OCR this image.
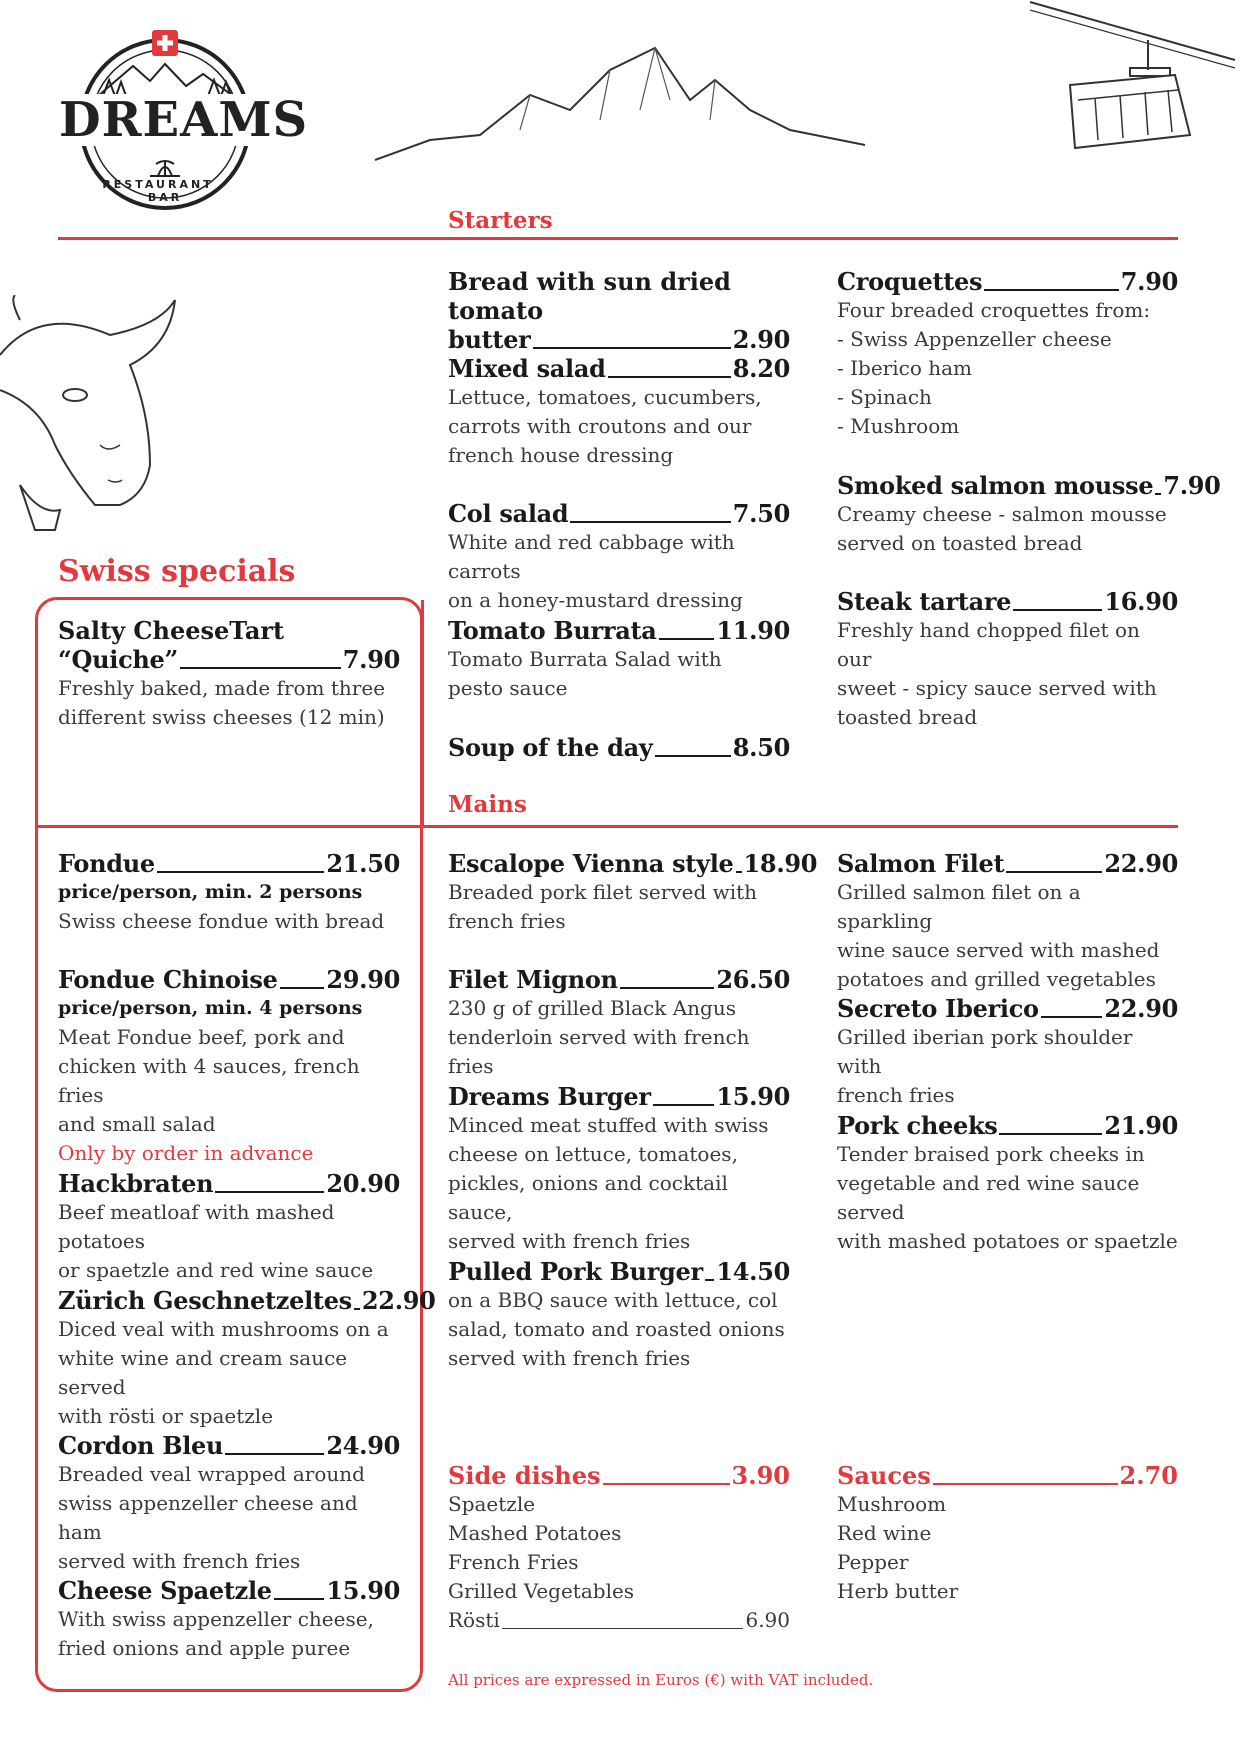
DREAMS
RESTAURANT · BAR
Starters
Mains
Swiss specials
Bread with sun dried tomato
butter	2.90
Mixed salad	8.20
Lettuce, tomatoes, cucumbers,
carrots with croutons and our
french house dressing
Col salad	7.50
White and red cabbage with carrots
on a honey-mustard dressing
Tomato Burrata 11.90
Tomato Burrata Salad with
pesto sauce
Soup of the day	8.50
Croquettes	7.90
Four breaded croquettes from:
- Swiss Appenzeller cheese
- Iberico ham
- Spinach
- Mushroom
Smoked salmon mousse 7.90
Creamy cheese - salmon mousse
served on toasted bread
Steak tartare	16.90
Freshly hand chopped filet on our
sweet - spicy sauce served with
toasted bread
Salty CheeseTart
“Quiche”	7.90
Freshly baked, made from three
different swiss cheeses (12 min)
Fondue	21.50
price/person, min. 2 persons
Swiss cheese fondue with bread
Fondue Chinoise 29.90
price/person, min. 4 persons
Meat Fondue beef, pork and
chicken with 4 sauces, french fries
and small salad
Only by order in advance
Hackbraten	20.90
Beef meatloaf with mashed potatoes
or spaetzle and red wine sauce
Zürich Geschnetzeltes 22.90
Diced veal with mushrooms on a
white wine and cream sauce served
with rösti or spaetzle
Cordon Bleu	24.90
Breaded veal wrapped around
swiss appenzeller cheese and ham
served with french fries
Cheese Spaetzle 15.90
With swiss appenzeller cheese,
fried onions and apple puree
Escalope Vienna style 18.90
Breaded pork filet served with
french fries
Filet Mignon	26.50
230 g of grilled Black Angus
tenderloin served with french fries
Dreams Burger	15.90
Minced meat stuffed with swiss
cheese on lettuce, tomatoes,
pickles, onions and cocktail sauce,
served with french fries
Pulled Pork Burger 14.50
on a BBQ sauce with lettuce, col
salad, tomato and roasted onions
served with french fries
Salmon Filet	22.90
Grilled salmon filet on a sparkling
wine sauce served with mashed
potatoes and grilled vegetables
Secreto Iberico	22.90
Grilled iberian pork shoulder with
french fries
Pork cheeks	21.90
Tender braised pork cheeks in
vegetable and red wine sauce served
with mashed potatoes or spaetzle
Side dishes	3.90
Spaetzle
Mashed Potatoes
French Fries
Grilled Vegetables
Rösti	6.90
Sauces	2.70
Mushroom
Red wine
Pepper
Herb butter
All prices are expressed in Euros (€) with VAT included.
